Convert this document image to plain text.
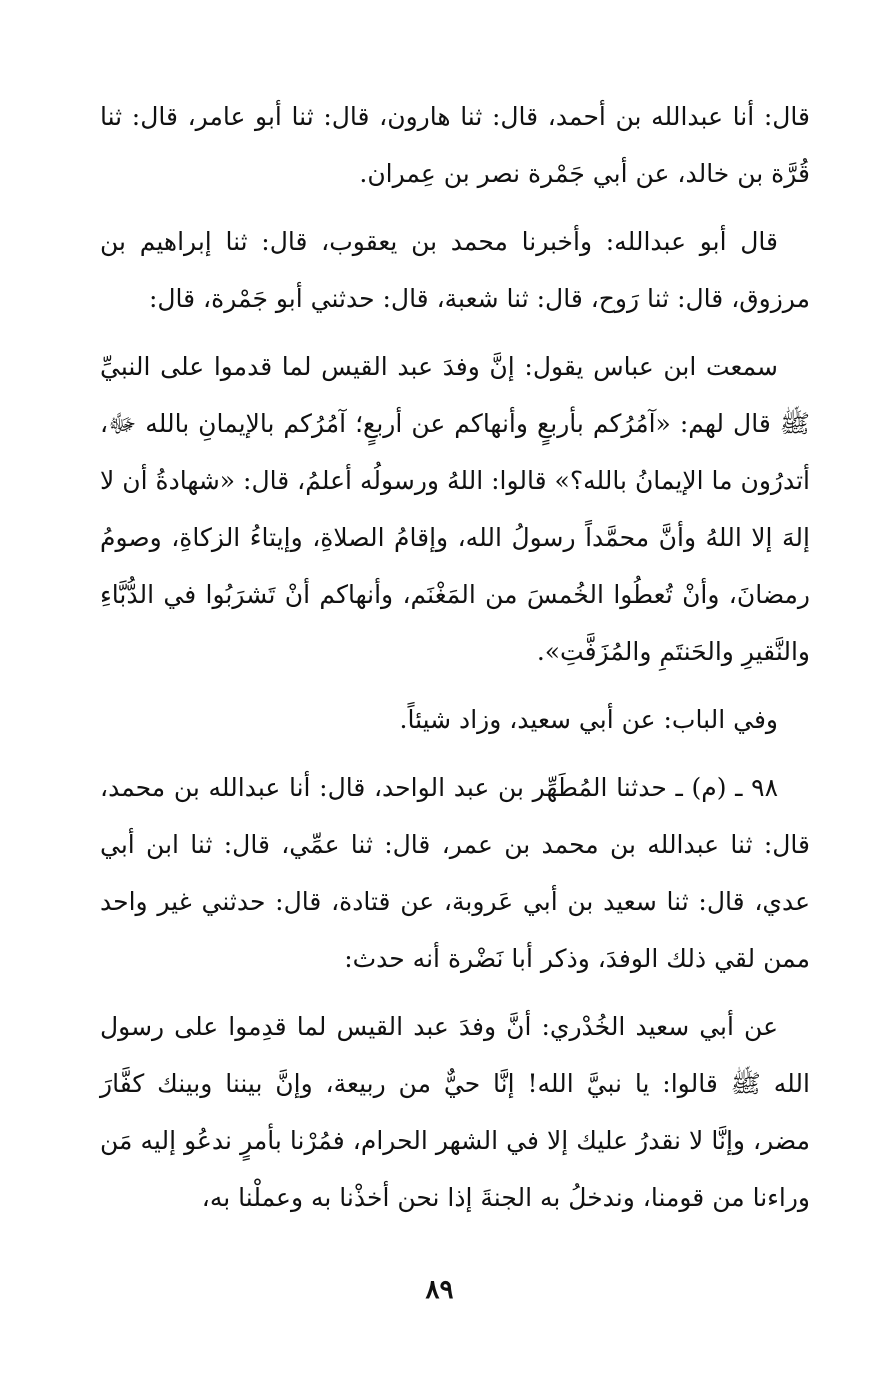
قال: أنا عبدالله بن أحمد، قال: ثنا هارون، قال: ثنا أبو عامر، قال: ثنا قُرَّة بن خالد، عن أبي جَمْرة نصر بن عِمران.

قال أبو عبدالله: وأخبرنا محمد بن يعقوب، قال: ثنا إبراهيم بن مرزوق، قال: ثنا رَوح، قال: ثنا شعبة، قال: حدثني أبو جَمْرة، قال:

سمعت ابن عباس يقول: إنَّ وفدَ عبد القيس لما قدموا على النبيِّ ﷺ قال لهم: «آمُرُكم بأربعٍ وأنهاكم عن أربعٍ؛ آمُرُكم بالإيمانِ بالله ﷻ، أتدرُون ما الإيمانُ بالله؟» قالوا: اللهُ ورسولُه أعلمُ، قال: «شهادةُ أن لا إلهَ إلا اللهُ وأنَّ محمَّداً رسولُ الله، وإقامُ الصلاةِ، وإيتاءُ الزكاةِ، وصومُ رمضانَ، وأنْ تُعطُوا الخُمسَ من المَغْنَم، وأنهاكم أنْ تَشرَبُوا في الدُّبَّاءِ والنَّقيرِ والحَنتَمِ والمُزَفَّتِ».

وفي الباب: عن أبي سعيد، وزاد شيئاً.

٩٨ ـ (م) ـ حدثنا المُطَهِّر بن عبد الواحد، قال: أنا عبدالله بن محمد، قال: ثنا عبدالله بن محمد بن عمر، قال: ثنا عمِّي، قال: ثنا ابن أبي عدي، قال: ثنا سعيد بن أبي عَروبة، عن قتادة، قال: حدثني غير واحد ممن لقي ذلك الوفدَ، وذكر أبا نَضْرة أنه حدث:

عن أبي سعيد الخُدْري: أنَّ وفدَ عبد القيس لما قدِموا على رسول الله ﷺ قالوا: يا نبيَّ الله! إنَّا حيٌّ من ربيعة، وإنَّ بيننا وبينك كفَّارَ مضر، وإنَّا لا نقدرُ عليك إلا في الشهر الحرام، فمُرْنا بأمرٍ ندعُو إليه مَن وراءنا من قومنا، وندخلُ به الجنةَ إذا نحن أخذْنا به وعملْنا به،

٨٩
